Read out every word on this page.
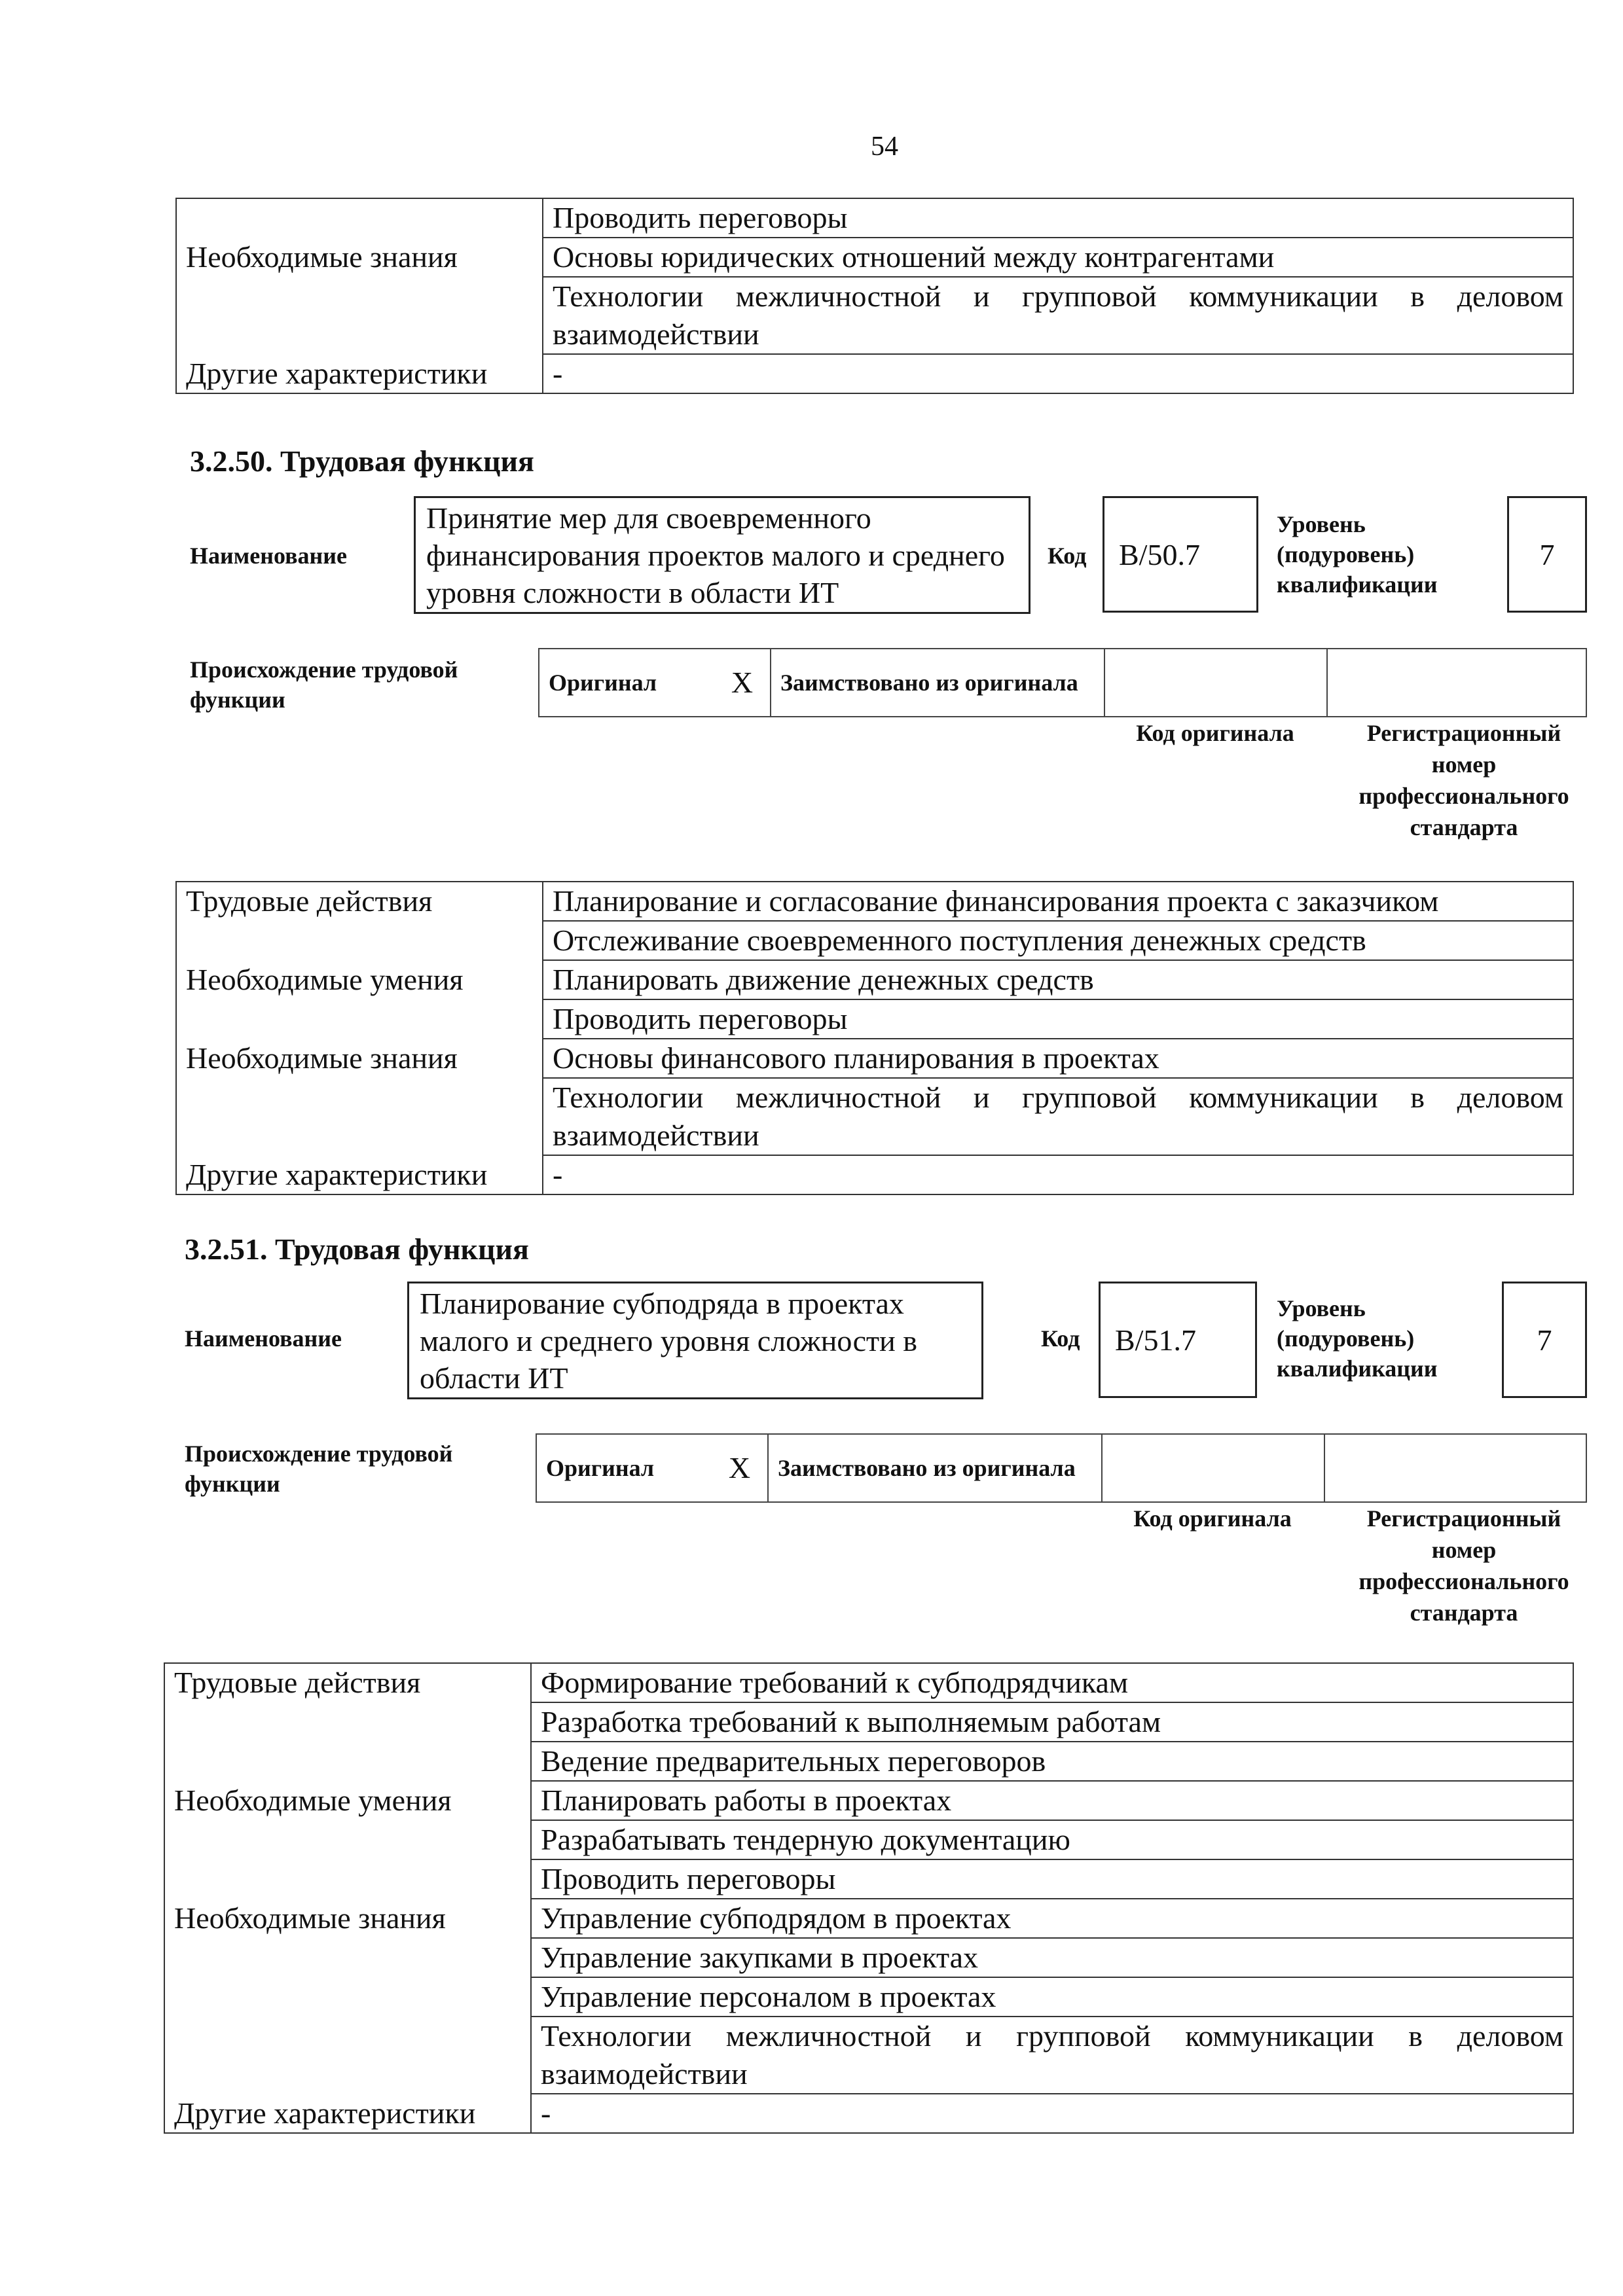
54
	Проводить переговоры
Необходимые знания	Основы юридических отношений между контрагентами
	Технологии межличностной и групповой коммуникации в деловом взаимодействии
Другие характеристики	-
3.2.50. Трудовая функция
Наименование
Принятие мер для своевременного финансирования проектов малого и среднего уровня сложности в области ИТ
Код	B/50.7
Уровень (подуровень) квалификации
7
Происхождение трудовой функции
Оригинал	X	Заимствовано из оригинала		
Код оригинала	Регистрационный номер профессионального стандарта
Трудовые действия	Планирование и согласование финансирования проекта с заказчиком
	Отслеживание своевременного поступления денежных средств
Необходимые умения	Планировать движение денежных средств
	Проводить переговоры
Необходимые знания	Основы финансового планирования в проектах
	Технологии межличностной и групповой коммуникации в деловом взаимодействии
Другие характеристики	-
3.2.51. Трудовая функция
Наименование
Планирование субподряда в проектах малого и среднего уровня сложности в области ИТ
Код	B/51.7
Уровень (подуровень) квалификации
7
Происхождение трудовой функции
Оригинал	X	Заимствовано из оригинала		
Код оригинала	Регистрационный номер профессионального стандарта
Трудовые действия	Формирование требований к субподрядчикам
	Разработка требований к выполняемым работам
	Ведение предварительных переговоров
Необходимые умения	Планировать работы в проектах
	Разрабатывать тендерную документацию
	Проводить переговоры
Необходимые знания	Управление субподрядом в проектах
	Управление закупками в проектах
	Управление персоналом в проектах
	Технологии межличностной и групповой коммуникации в деловом взаимодействии
Другие характеристики	-
